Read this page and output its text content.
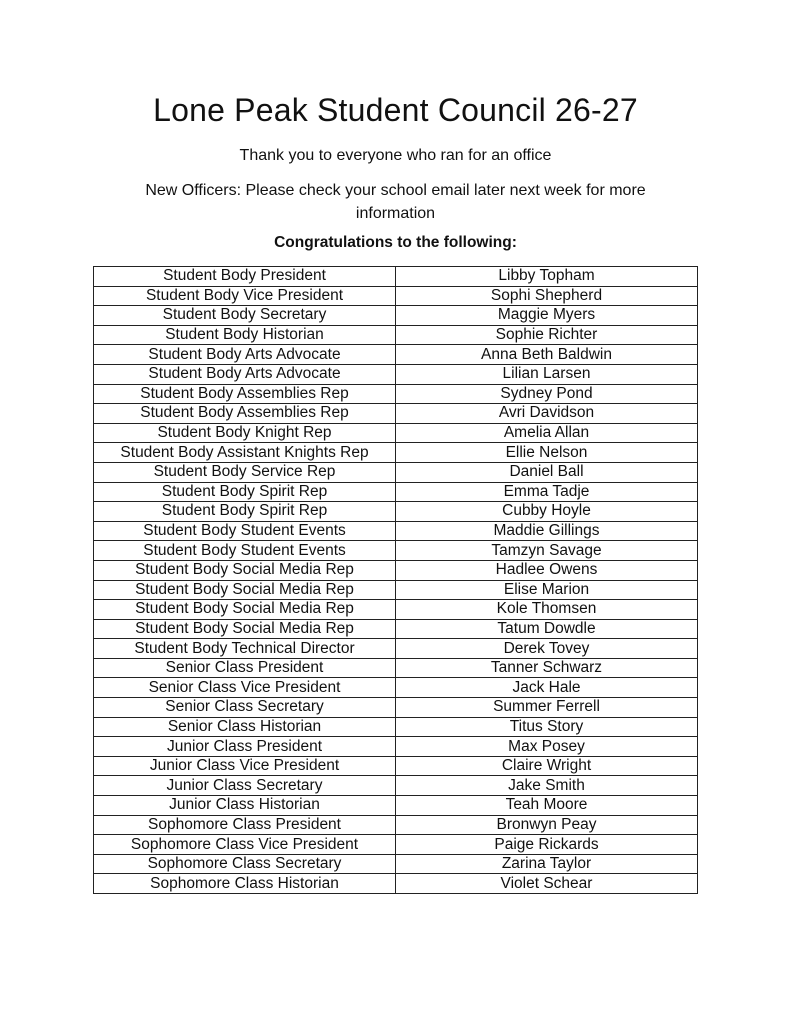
Lone Peak Student Council 26-27

Thank you to everyone who ran for an office

New Officers: Please check your school email later next week for more information

Congratulations to the following:

Student Body President	Libby Topham
Student Body Vice President	Sophi Shepherd
Student Body Secretary	Maggie Myers
Student Body Historian	Sophie Richter
Student Body Arts Advocate	Anna Beth Baldwin
Student Body Arts Advocate	Lilian Larsen
Student Body Assemblies Rep	Sydney Pond
Student Body Assemblies Rep	Avri Davidson
Student Body Knight Rep	Amelia Allan
Student Body Assistant Knights Rep	Ellie Nelson
Student Body Service Rep	Daniel Ball
Student Body Spirit Rep	Emma Tadje
Student Body Spirit Rep	Cubby Hoyle
Student Body Student Events	Maddie Gillings
Student Body Student Events	Tamzyn Savage
Student Body Social Media Rep	Hadlee Owens
Student Body Social Media Rep	Elise Marion
Student Body Social Media Rep	Kole Thomsen
Student Body Social Media Rep	Tatum Dowdle
Student Body Technical Director	Derek Tovey
Senior Class President	Tanner Schwarz
Senior Class Vice President	Jack Hale
Senior Class Secretary	Summer Ferrell
Senior Class Historian	Titus Story
Junior Class President	Max Posey
Junior Class Vice President	Claire Wright
Junior Class Secretary	Jake Smith
Junior Class Historian	Teah Moore
Sophomore Class President	Bronwyn Peay
Sophomore Class Vice President	Paige Rickards
Sophomore Class Secretary	Zarina Taylor
Sophomore Class Historian	Violet Schear
